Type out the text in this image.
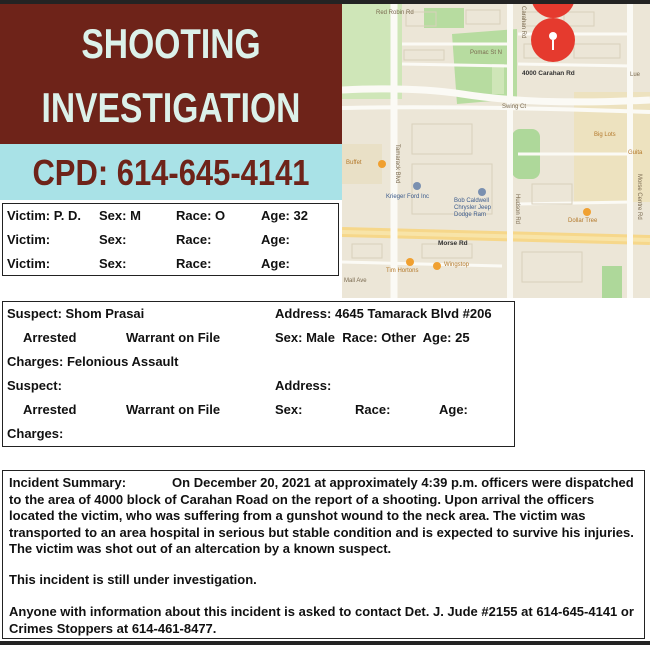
SHOOTING
INVESTIGATION
CPD: 614-645-4141
Red Robin Rd	Carahan Rd
Pomac St N
4000 Carahan Rd
Swing Ct
Lue
Big Lots
Guita
Buffet	Tamarack Blvd
Krieger Ford Inc
Bob Caldwell Chrysler Jeep Dodge Ram	Hudson Rd	Dollar Tree
Morse Centre Rd
Morse Rd
Wingstop
Tim Hortons
Mall Ave
Victim: P. D. Sex: M	Race: O	Age: 32
Victim:	Sex:	Race:	Age:
Victim:	Sex:	Race:	Age:
Suspect: Shom Prasai	Address: 4645 Tamarack Blvd #206
Arrested	Warrant on File	Sex: Male  Race: Other  Age: 25
Charges: Felonious Assault
Suspect:	Address:
Arrested	Warrant on File	Sex:	Race:	Age:
Charges:

Incident Summary:	On December 20, 2021 at approximately 4:39 p.m. officers were dispatched to the area of 4000 block of Carahan Road on the report of a shooting. Upon arrival the officers located the victim, who was suffering from a gunshot wound to the neck area. The victim was transported to an area hospital in serious but stable condition and is expected to survive his injuries. The victim was shot out of an altercation by a known suspect.

This incident is still under investigation.

Anyone with information about this incident is asked to contact Det. J. Jude #2155 at 614-645-4141 or Crimes Stoppers at 614-461-8477.
